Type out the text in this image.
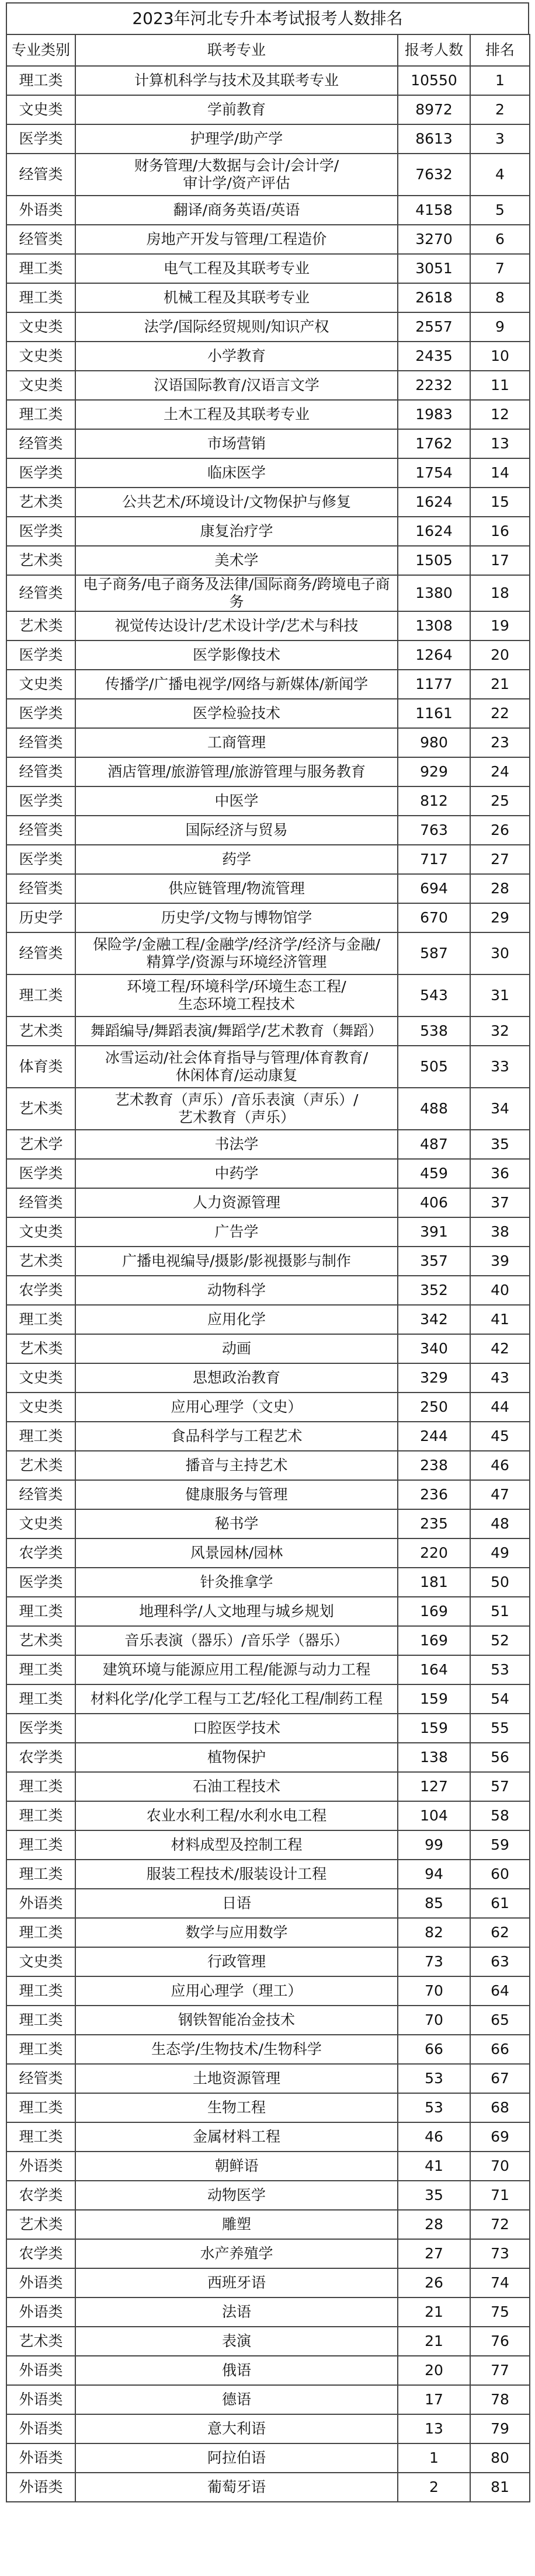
2023年河北专升本考试报考人数排名
专业类别	联考专业	报考人数	排名
理工类	计算机科学与技术及其联考专业	10550	1
文史类	学前教育	8972	2
医学类	护理学/助产学	8613	3
经管类	财务管理/大数据与会计/会计学/
审计学/资产评估	7632	4
外语类	翻译/商务英语/英语	4158	5
经管类	房地产开发与管理/工程造价	3270	6
理工类	电气工程及其联考专业	3051	7
理工类	机械工程及其联考专业	2618	8
文史类	法学/国际经贸规则/知识产权	2557	9
文史类	小学教育	2435	10
文史类	汉语国际教育/汉语言文学	2232	11
理工类	土木工程及其联考专业	1983	12
经管类	市场营销	1762	13
医学类	临床医学	1754	14
艺术类	公共艺术/环境设计/文物保护与修复	1624	15
医学类	康复治疗学	1624	16
艺术类	美术学	1505	17
经管类	电子商务/电子商务及法律/国际商务/跨境电子商务	1380	18
艺术类	视觉传达设计/艺术设计学/艺术与科技	1308	19
医学类	医学影像技术	1264	20
文史类	传播学/广播电视学/网络与新媒体/新闻学	1177	21
医学类	医学检验技术	1161	22
经管类	工商管理	980	23
经管类	酒店管理/旅游管理/旅游管理与服务教育	929	24
医学类	中医学	812	25
经管类	国际经济与贸易	763	26
医学类	药学	717	27
经管类	供应链管理/物流管理	694	28
历史学	历史学/文物与博物馆学	670	29
经管类	保险学/金融工程/金融学/经济学/经济与金融/
精算学/资源与环境经济管理	587	30
理工类	环境工程/环境科学/环境生态工程/
生态环境工程技术	543	31
艺术类	舞蹈编导/舞蹈表演/舞蹈学/艺术教育（舞蹈）	538	32
体育类	冰雪运动/社会体育指导与管理/体育教育/
休闲体育/运动康复	505	33
艺术类	艺术教育（声乐）/音乐表演（声乐）/
艺术教育（声乐）	488	34
艺术学	书法学	487	35
医学类	中药学	459	36
经管类	人力资源管理	406	37
文史类	广告学	391	38
艺术类	广播电视编导/摄影/影视摄影与制作	357	39
农学类	动物科学	352	40
理工类	应用化学	342	41
艺术类	动画	340	42
文史类	思想政治教育	329	43
文史类	应用心理学（文史）	250	44
理工类	食品科学与工程艺术	244	45
艺术类	播音与主持艺术	238	46
经管类	健康服务与管理	236	47
文史类	秘书学	235	48
农学类	风景园林/园林	220	49
医学类	针灸推拿学	181	50
理工类	地理科学/人文地理与城乡规划	169	51
艺术类	音乐表演（器乐）/音乐学（器乐）	169	52
理工类	建筑环境与能源应用工程/能源与动力工程	164	53
理工类	材料化学/化学工程与工艺/轻化工程/制药工程	159	54
医学类	口腔医学技术	159	55
农学类	植物保护	138	56
理工类	石油工程技术	127	57
理工类	农业水利工程/水利水电工程	104	58
理工类	材料成型及控制工程	99	59
理工类	服装工程技术/服装设计工程	94	60
外语类	日语	85	61
理工类	数学与应用数学	82	62
文史类	行政管理	73	63
理工类	应用心理学（理工）	70	64
理工类	钢铁智能冶金技术	70	65
理工类	生态学/生物技术/生物科学	66	66
经管类	土地资源管理	53	67
理工类	生物工程	53	68
理工类	金属材料工程	46	69
外语类	朝鲜语	41	70
农学类	动物医学	35	71
艺术类	雕塑	28	72
农学类	水产养殖学	27	73
外语类	西班牙语	26	74
外语类	法语	21	75
艺术类	表演	21	76
外语类	俄语	20	77
外语类	德语	17	78
外语类	意大利语	13	79
外语类	阿拉伯语	1	80
外语类	葡萄牙语	2	81
